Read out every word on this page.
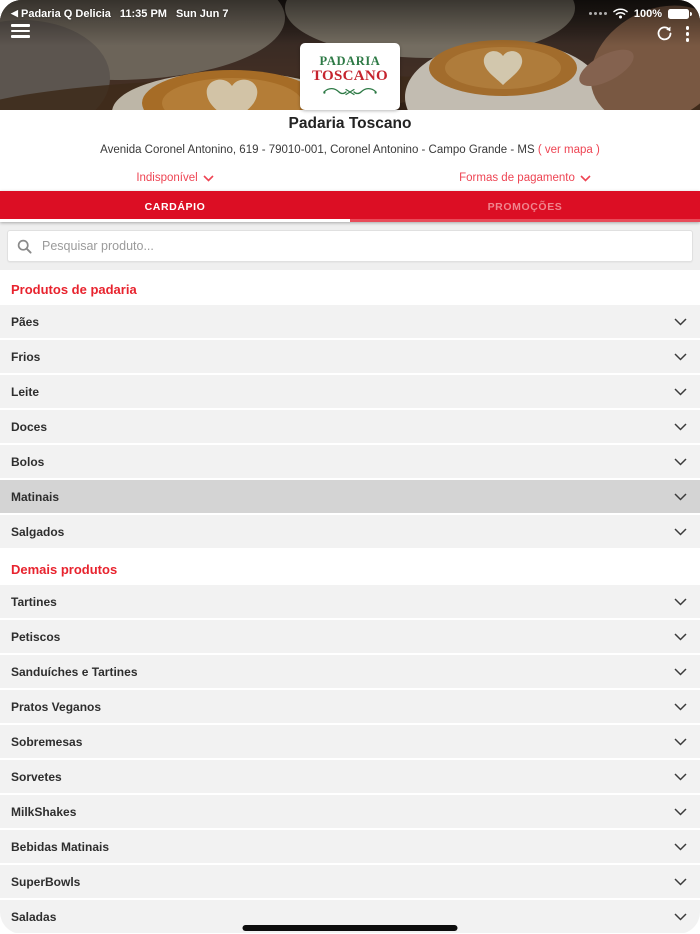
◀ Padaria Q Delicia 11:35 PM Sun Jun 7	100%
PADARIA
TOSCANO
Padaria Toscano
Avenida Coronel Antonino, 619 - 79010-001, Coronel Antonino - Campo Grande - MS ( ver mapa )
Indisponível	Formas de pagamento
CARDÁPIO	PROMOÇÕES
Pesquisar produto...
Produtos de padaria
Pães
Frios
Leite
Doces
Bolos
Matinais
Salgados
Demais produtos
Tartines
Petiscos
Sanduíches e Tartines
Pratos Veganos
Sobremesas
Sorvetes
MilkShakes
Bebidas Matinais
SuperBowls
Saladas
